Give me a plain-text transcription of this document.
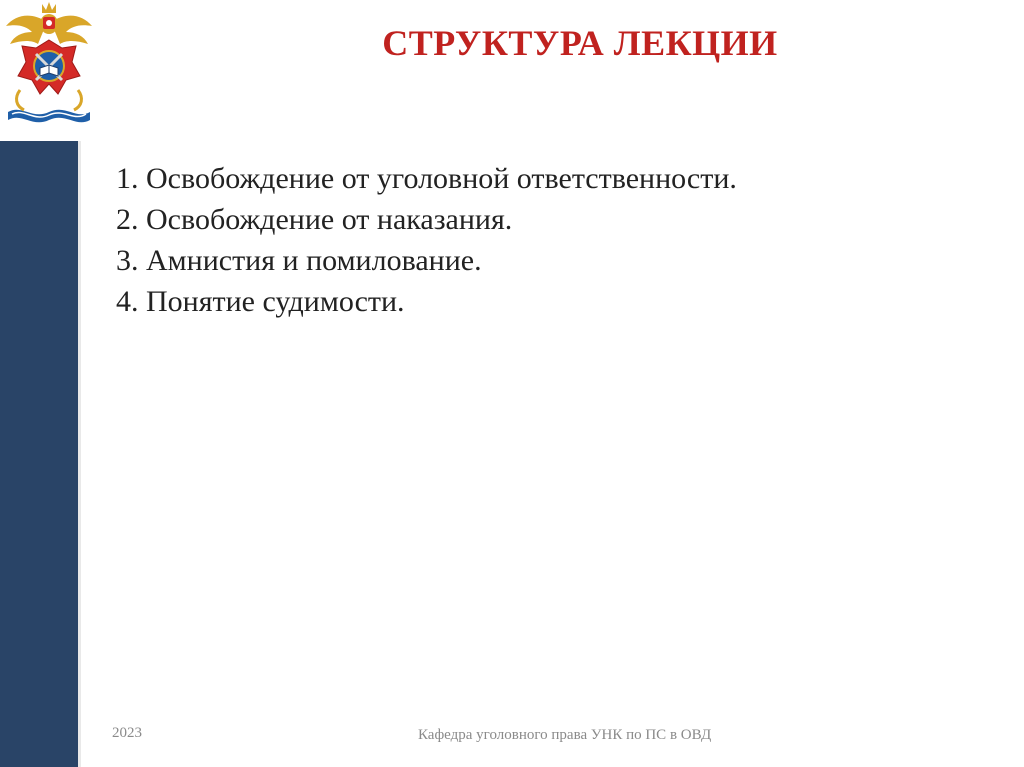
СТРУКТУРА ЛЕКЦИИ
1. Освобождение от уголовной ответственности.
2. Освобождение от наказания.
3. Амнистия и помилование.
4. Понятие судимости.
2023	Кафедра уголовного права УНК по ПС в ОВД
